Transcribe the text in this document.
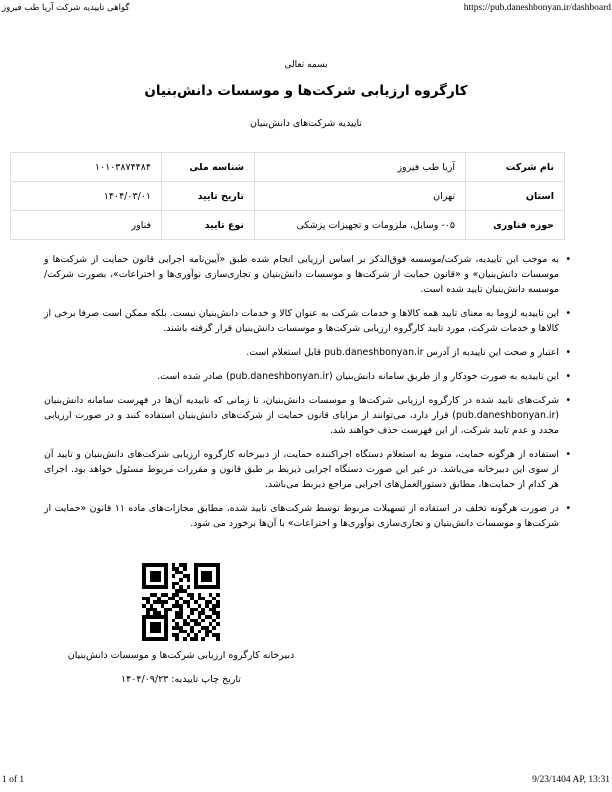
گواهی تاییدیه شرکت آریا طب فیروز	https://pub.daneshbonyan.ir/dashboard
بسمه تعالی
کارگروه ارزیابی شرکت‌ها و موسسات دانش‌بنیان
تاییدیه شرکت‌های دانش‌بنیان
نام شرکت	آریا طب فیروز	شناسه ملی	۱۰۱۰۳۸۷۴۴۸۴
استان	تهران	تاریخ تایید	۱۴۰۴/۰۳/۰۱
حوزه فناوری	۰۵- وسایل، ملزومات و تجهیزات پزشکی	نوع تایید	فناور
•
به موجب این تاییدیه، شرکت/موسسه فوق‌الذکر بر اساس ارزیابی انجام شده طبق «آیین‌نامه اجرایی قانون حمایت از شرکت‌ها و موسسات دانش‌بنیان» و «قانون حمایت از شرکت‌ها و موسسات دانش‌بنیان و تجاری‌سازی نوآوری‌ها و اختراعات»، بصورت شرکت/موسسه دانش‌بنیان تایید شده است.
•
این تاییدیه لزوما به معنای تایید همه کالاها و خدمات شرکت به عنوان کالا و خدمات دانش‌بنیان نیست. بلکه ممکن است صرفا برخی از کالاها و خدمات شرکت، مورد تایید کارگروه ارزیابی شرکت‌ها و موسسات دانش‌بنیان قرار گرفته باشند.
•
اعتبار و صحت این تاییدیه از آدرس pub.daneshbonyan.ir قابل استعلام است.
•
این تاییدیه به صورت خودکار و از طریق سامانه دانش‌بنیان (pub.daneshbonyan.ir) صادر شده است.
•
شرکت‌های تایید شده در کارگروه ارزیابی شرکت‌ها و موسسات دانش‌بنیان، تا زمانی که تاییدیه آن‌ها در فهرست سامانه دانش‌بنیان (pub.daneshbonyan.ir) قرار دارد، می‌توانند از مزایای قانون حمایت از شرکت‌های دانش‌بنیان استفاده کنند و در صورت ارزیابی مجدد و عدم تایید شرکت، از این فهرست حذف خواهند شد.
•
استفاده از هرگونه حمایت، منوط به استعلام دستگاه اجراکننده حمایت، از دبیرخانه کارگروه ارزیابی شرکت‌های دانش‌بنیان و تایید آن از سوی این دبیرخانه می‌باشد. در غیر این صورت دستگاه اجرایی ذیربط بر طبق قانون و مقررات مربوط مسئول خواهد بود. اجرای هر کدام از حمایت‌ها، مطابق دستورالعمل‌های اجرایی مراجع ذیربط می‌باشد.
•
در صورت هرگونه تخلف در استفاده از تسهیلات مربوط توسط شرکت‌های تایید شده، مطابق مجازات‌های ماده ۱۱ قانون «حمایت از شرکت‌ها و موسسات دانش‌بنیان و تجاری‌سازی نوآوری‌ها و اختراعات» با آن‌ها برخورد می شود.
دبیرخانه کارگروه ارزیابی شرکت‌ها و موسسات دانش‌بنیان
تاریخ چاپ تاییدیه: ۱۴۰۴/۰۹/۲۳
1 of 1	9/23/1404 AP, 13:31
